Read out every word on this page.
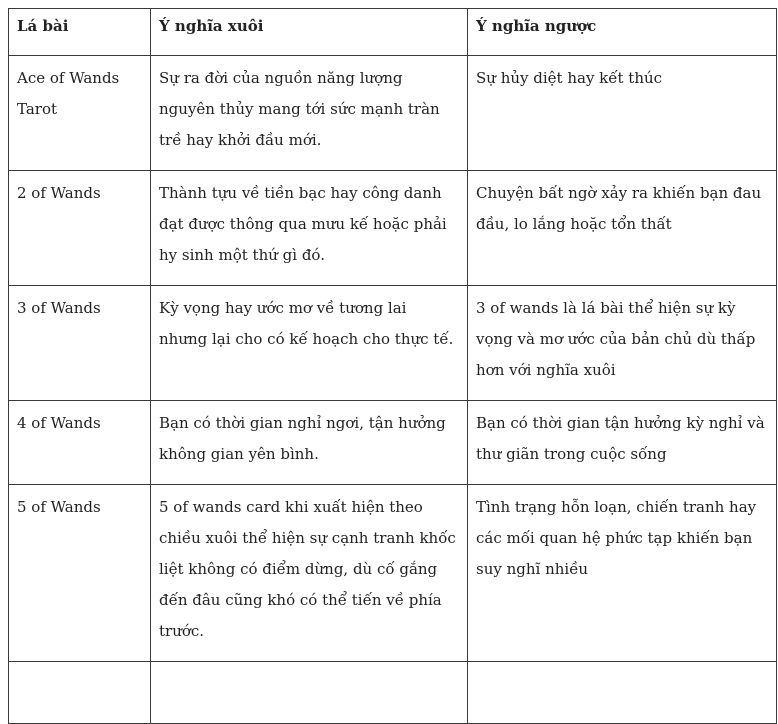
Lá bài	Ý nghĩa xuôi	Ý nghĩa ngược
Ace of Wands Tarot	Sự ra đời của nguồn năng lượng nguyên thủy mang tới sức mạnh tràn trề hay khởi đầu mới.	Sự hủy diệt hay kết thúc
2 of Wands	Thành tựu về tiền bạc hay công danh đạt được thông qua mưu kế hoặc phải hy sinh một thứ gì đó.	Chuyện bất ngờ xảy ra khiến bạn đau đầu, lo lắng hoặc tổn thất
3 of Wands	Kỳ vọng hay ước mơ về tương lai nhưng lại cho có kế hoạch cho thực tế.	3 of wands là lá bài thể hiện sự kỳ vọng và mơ ước của bản chủ dù thấp hơn với nghĩa xuôi
4 of Wands	Bạn có thời gian nghỉ ngơi, tận hưởng không gian yên bình.	Bạn có thời gian tận hưởng kỳ nghỉ và thư giãn trong cuộc sống
5 of Wands	5 of wands card khi xuất hiện theo chiều xuôi thể hiện sự cạnh tranh khốc liệt không có điểm dừng, dù cố gắng đến đâu cũng khó có thể tiến về phía trước.	Tình trạng hỗn loạn, chiến tranh hay các mối quan hệ phức tạp khiến bạn suy nghĩ nhiều
